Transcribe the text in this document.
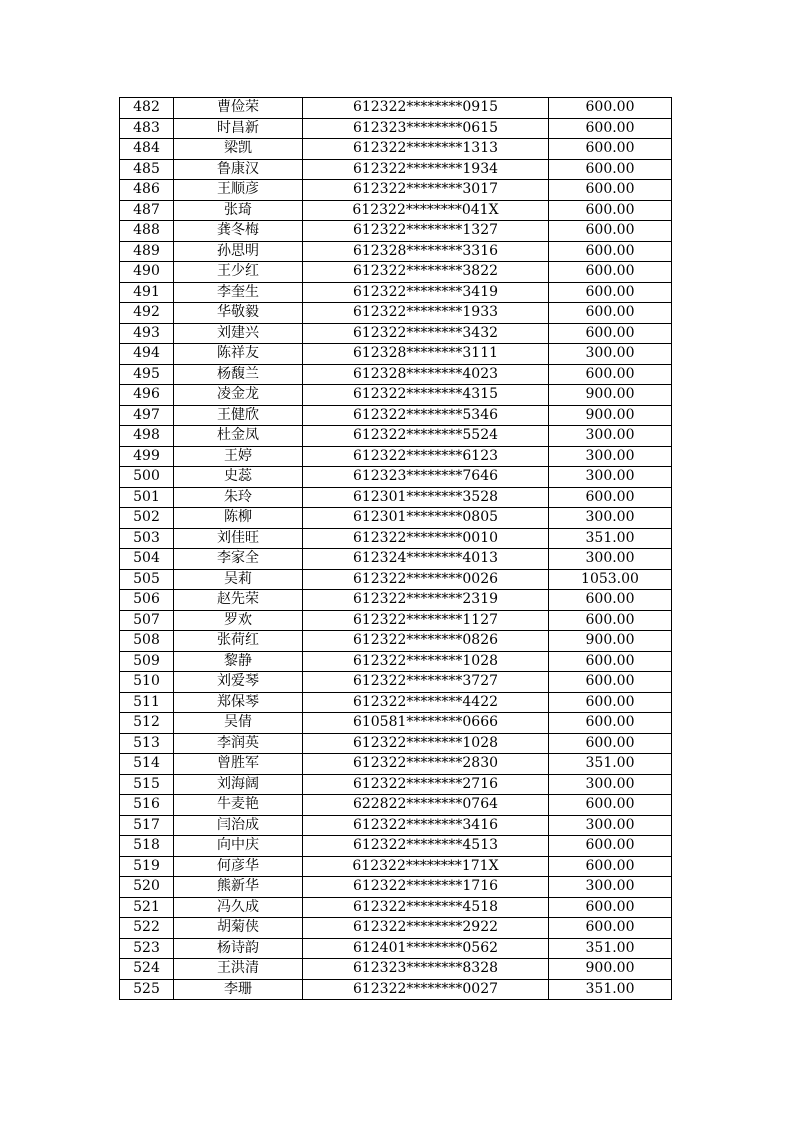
482	曹俭荣	612322********0915	600.00
483	时昌新	612323********0615	600.00
484	梁凯	612322********1313	600.00
485	鲁康汉	612322********1934	600.00
486	王顺彦	612322********3017	600.00
487	张琦	612322********041X	600.00
488	龚冬梅	612322********1327	600.00
489	孙思明	612328********3316	600.00
490	王少红	612322********3822	600.00
491	李奎生	612322********3419	600.00
492	华敬毅	612322********1933	600.00
493	刘建兴	612322********3432	600.00
494	陈祥友	612328********3111	300.00
495	杨馥兰	612328********4023	600.00
496	凌金龙	612322********4315	900.00
497	王健欣	612322********5346	900.00
498	杜金凤	612322********5524	300.00
499	王婷	612322********6123	300.00
500	史蕊	612323********7646	300.00
501	朱玲	612301********3528	600.00
502	陈柳	612301********0805	300.00
503	刘佳旺	612322********0010	351.00
504	李家全	612324********4013	300.00
505	吴莉	612322********0026	1053.00
506	赵先荣	612322********2319	600.00
507	罗欢	612322********1127	600.00
508	张荷红	612322********0826	900.00
509	黎静	612322********1028	600.00
510	刘爱琴	612322********3727	600.00
511	郑保琴	612322********4422	600.00
512	吴倩	610581********0666	600.00
513	李润英	612322********1028	600.00
514	曾胜军	612322********2830	351.00
515	刘海阔	612322********2716	300.00
516	牛麦艳	622822********0764	600.00
517	闫治成	612322********3416	300.00
518	向中庆	612322********4513	600.00
519	何彦华	612322********171X	600.00
520	熊新华	612322********1716	300.00
521	冯久成	612322********4518	600.00
522	胡菊侠	612322********2922	600.00
523	杨诗韵	612401********0562	351.00
524	王洪清	612323********8328	900.00
525	李珊	612322********0027	351.00
